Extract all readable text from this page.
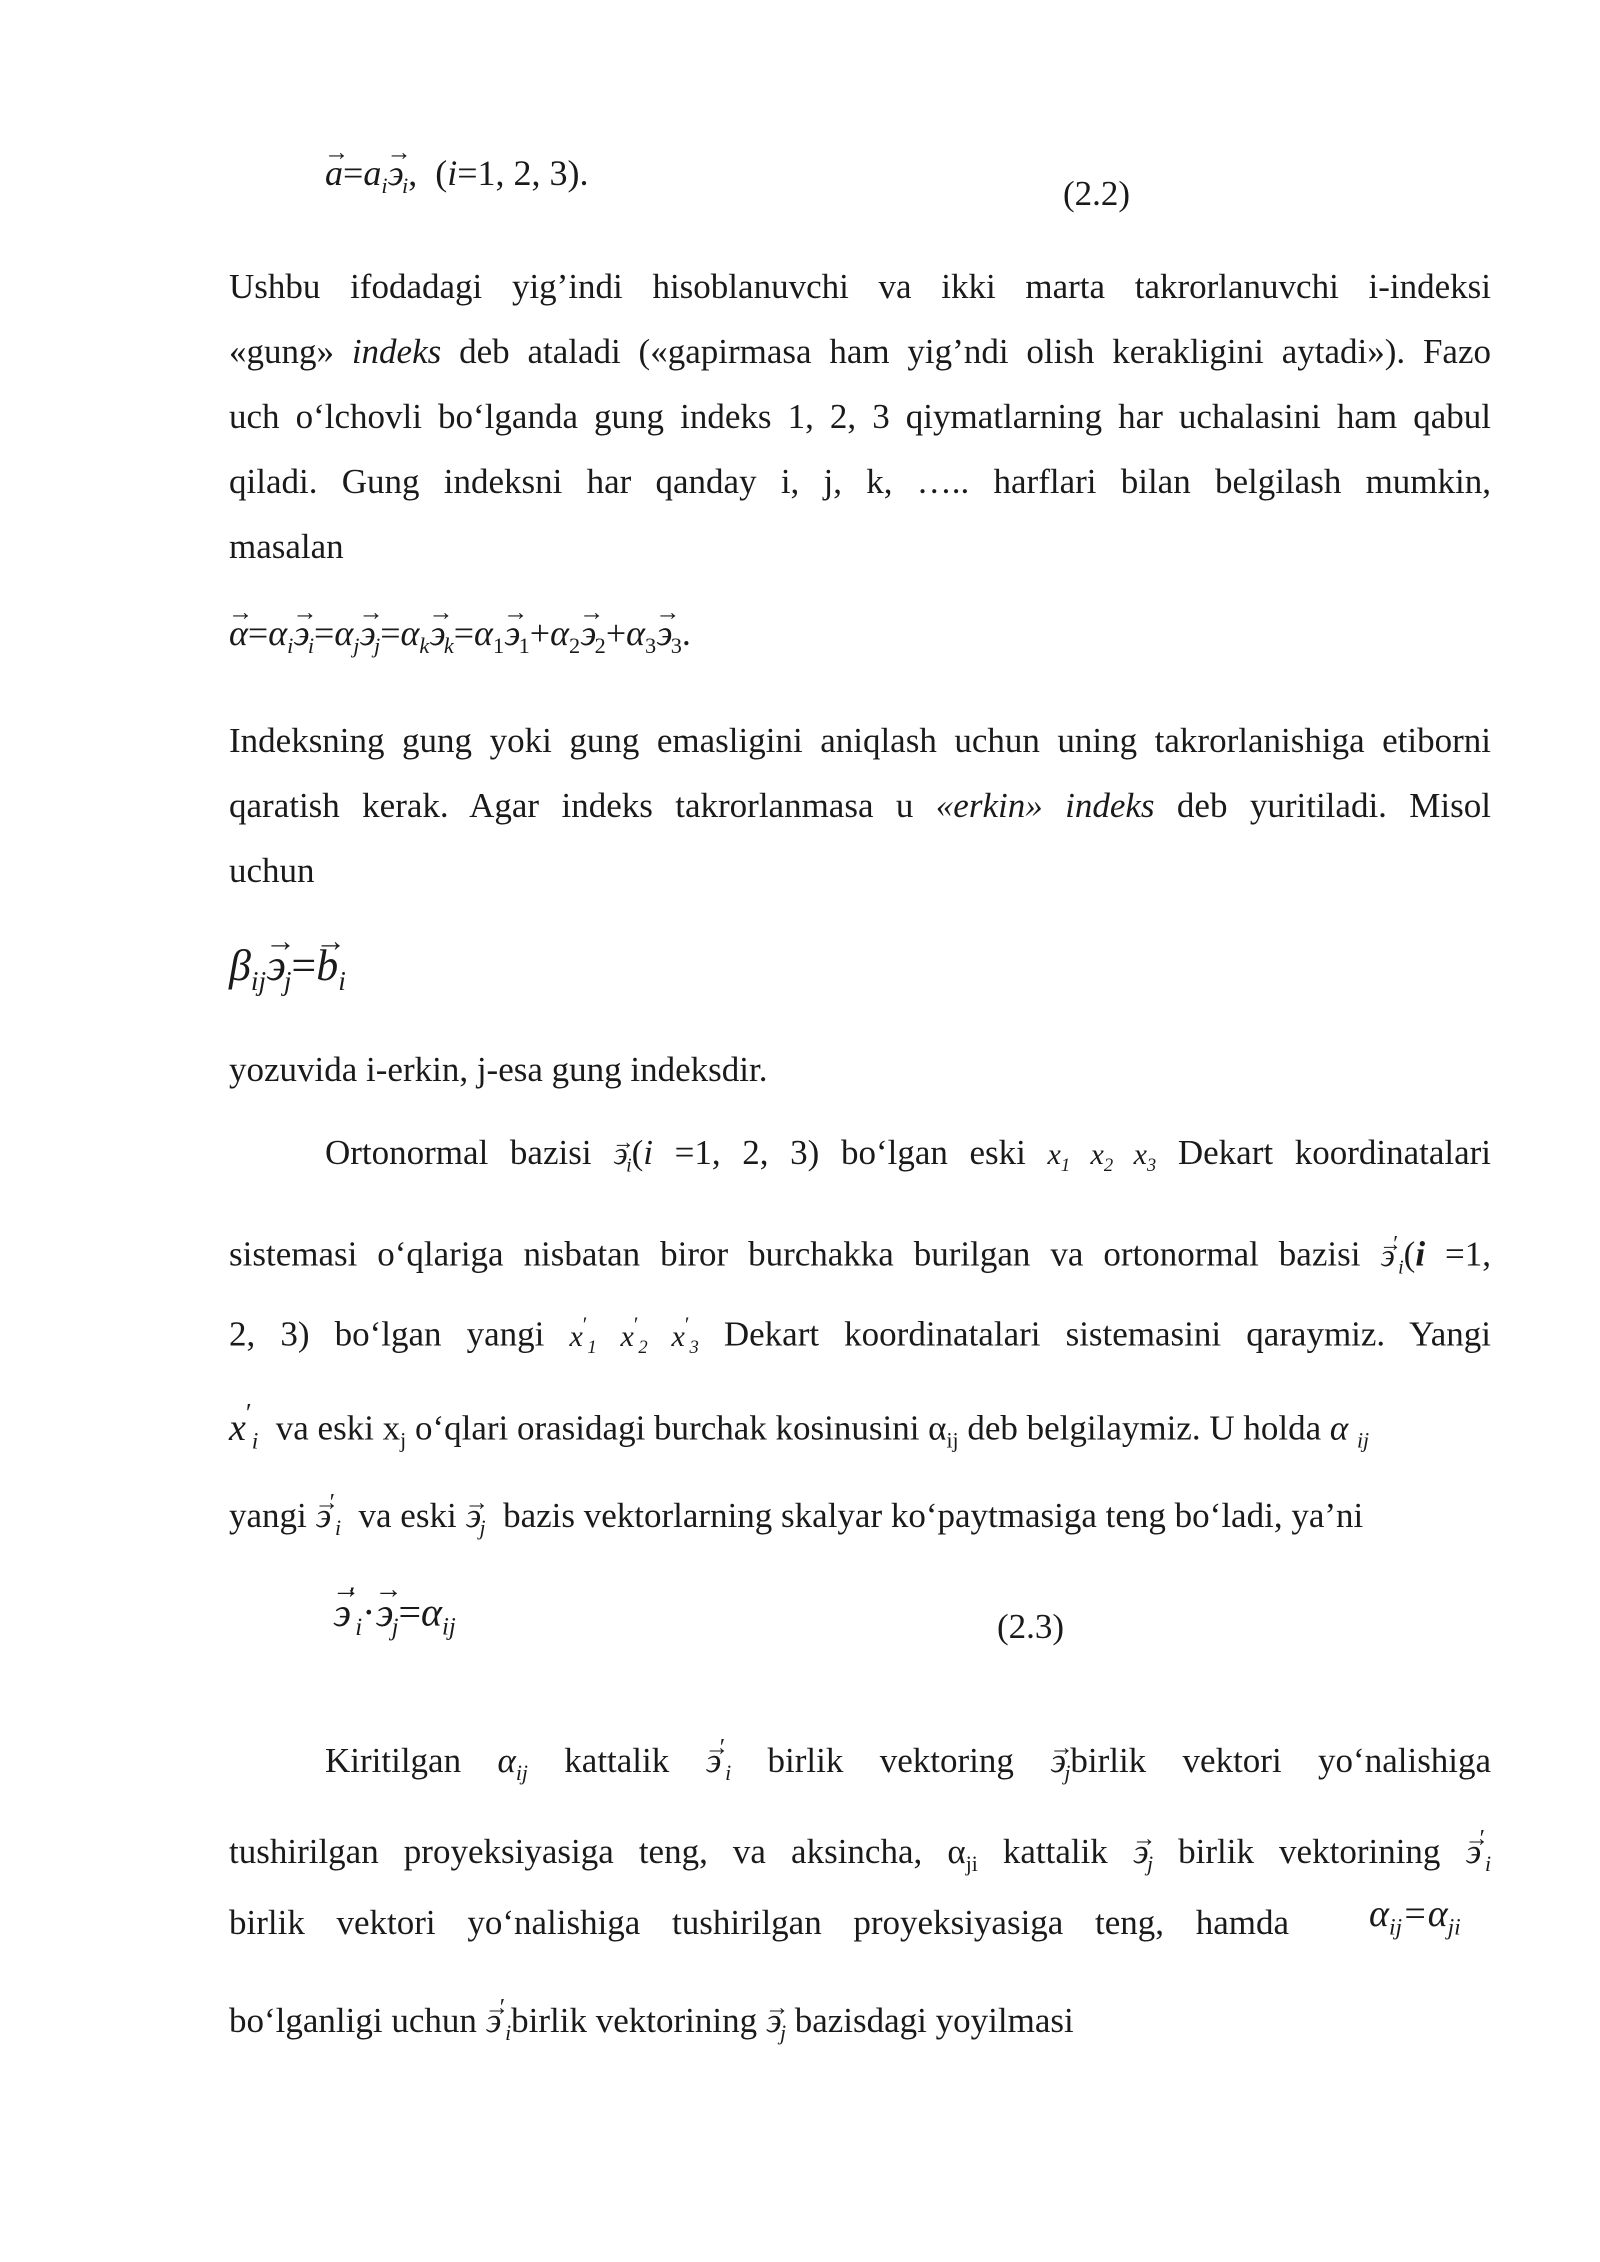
→ $a=a_i\to ϶_i$,  (i=1, 2, 3).
(2.2)
Ushbu ifodadagi yig’indi hisoblanuvchi va ikki marta takrorlanuvchi i-indeksi
«gung» indeks deb ataladi («gapirmasa ham yig’ndi olish kerakligini aytadi»). Fazo
uch o‘lchovli bo‘lganda gung indeks 1, 2, 3 qiymatlarning har uchalasini ham qabul
qiladi. Gung indeksni har qanday i, j, k, ….. harflari bilan belgilash mumkin,
masalan
→ $\alpha=\alpha_i\to ϶_i=\alpha_j\to ϶_j=\alpha_k\to ϶_k=\alpha_1\to ϶_1+\alpha_2\to ϶_2+\alpha_3\to ϶_3$.
Indeksning gung yoki gung emasligini aniqlash uchun uning takrorlanishiga etiborni
qaratish kerak. Agar indeks takrorlanmasa u «erkin» indeks deb yuritiladi. Misol
uchun
$\beta_{ij}\to ϶_j=\to b_i$
yozuvida i-erkin, j-esa gung indeksdir.
Ortonormal bazisi → $϶_i(i =1$, 2, 3) bo‘lgan eski $x_1$ $x_2$ $x_3$ Dekart koordinatalari
sistemasi o‘qlariga nisbatan biror burchakka burilgan va ortonormal bazisi → $϶'_i(i =1$,
2, 3) bo‘lgan yangi $x'_1$ $x'_2$ $x'_3$ Dekart koordinatalari sistemasini qaraymiz. Yangi
$x'_i$ va eski $x_j$ o‘qlari orasidagi burchak kosinusini $\alpha_{ij}$ deb belgilaymiz. U holda α $_{ij}$
yangi → $϶'_i$ va eski → $϶_j$ bazis vektorlarning skalyar ko‘paytmasiga teng bo‘ladi, ya’ni
→ $϶'_i\cdot\to ϶_j=\alpha_{ij}$	(2.3)
Kiritilgan $\alpha_{ij}$ kattalik → $϶'_i$ birlik vektoring → $϶_jbirlik$ vektori yo‘nalishiga
tushirilgan proyeksiyasiga teng, va aksincha, $\alpha_{ji}$ kattalik → $϶_j$ birlik vektorining → $϶'_i$
birlik vektori yo‘nalishiga tushirilgan proyeksiyasiga teng, hamda $\alpha_{ij}=\alpha_{ji}$
bo‘lganligi uchun → $϶'_ibirlik$ vektorining → $϶_j$ bazisdagi yoyilmasi
